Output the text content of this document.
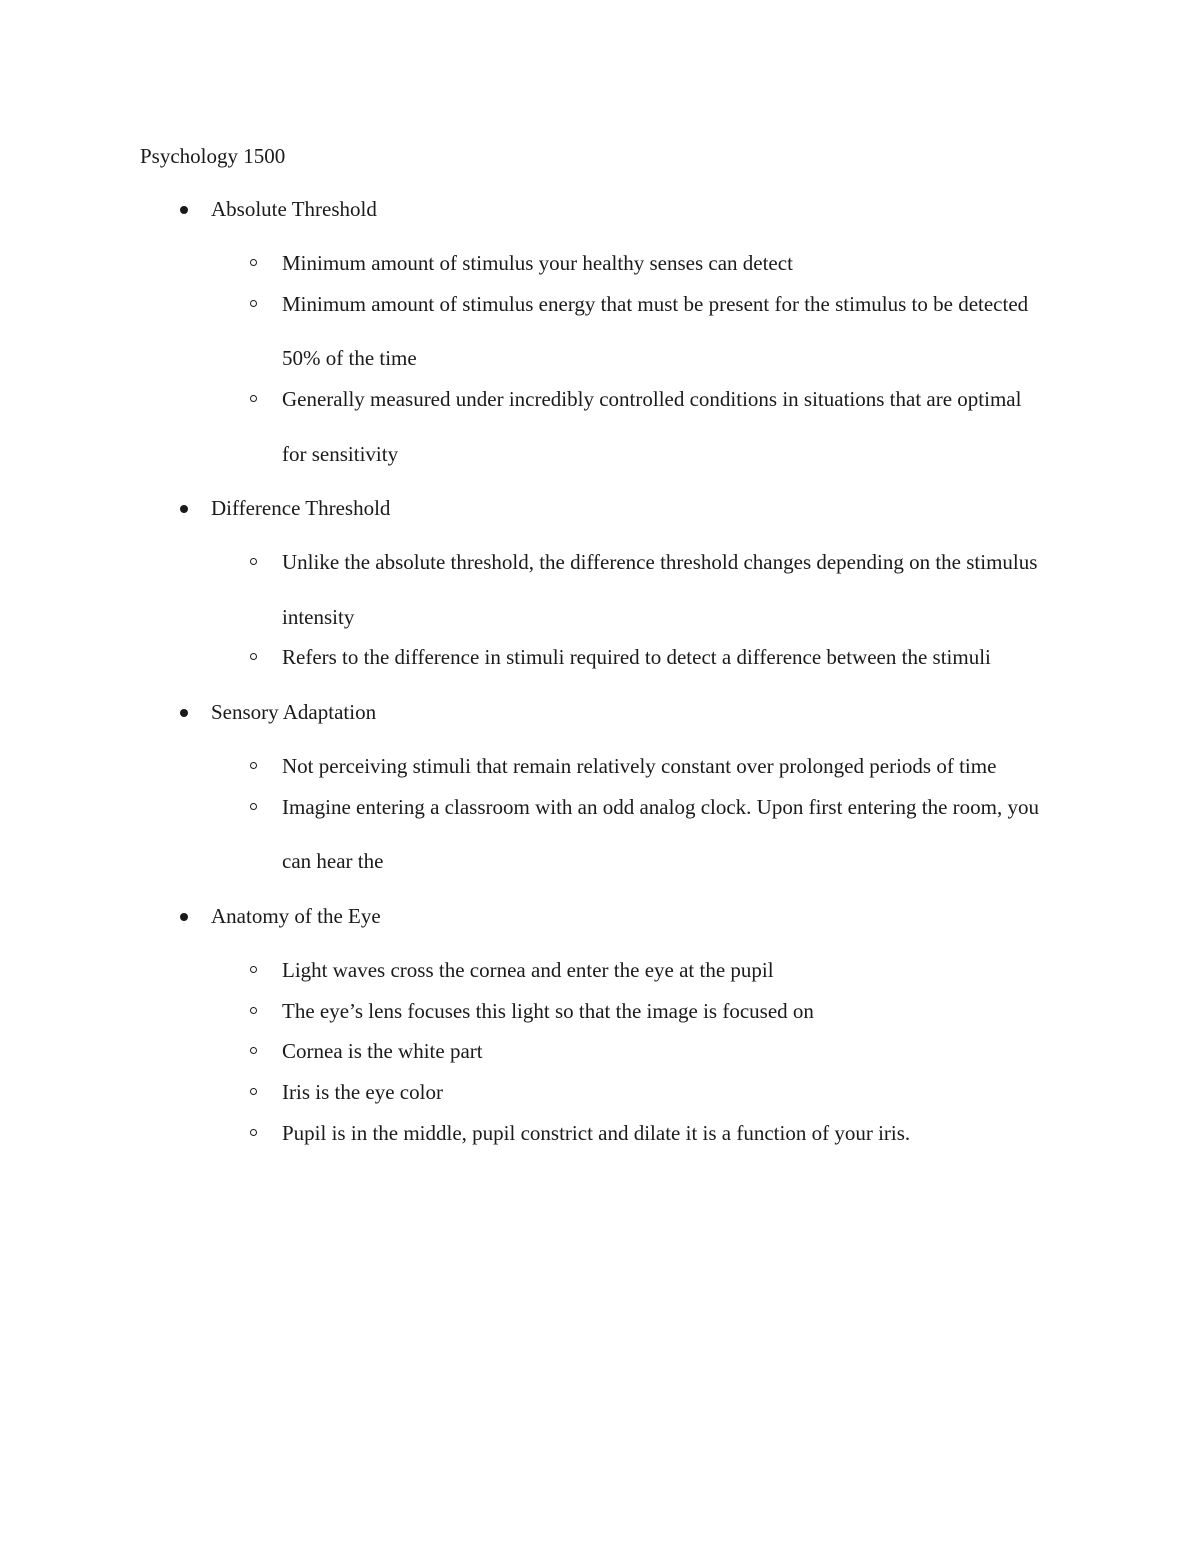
Psychology 1500
Absolute Threshold
Minimum amount of stimulus your healthy senses can detect
Minimum amount of stimulus energy that must be present for the stimulus to be detected 50% of the time
Generally measured under incredibly controlled conditions in situations that are optimal for sensitivity
Difference Threshold
Unlike the absolute threshold, the difference threshold changes depending on the stimulus intensity
Refers to the difference in stimuli required to detect a difference between the stimuli
Sensory Adaptation
Not perceiving stimuli that remain relatively constant over prolonged periods of time
Imagine entering a classroom with an odd analog clock. Upon first entering the room, you can hear the
Anatomy of the Eye
Light waves cross the cornea and enter the eye at the pupil
The eye’s lens focuses this light so that the image is focused on
Cornea is the white part
Iris is the eye color
Pupil is in the middle, pupil constrict and dilate it is a function of your iris.
